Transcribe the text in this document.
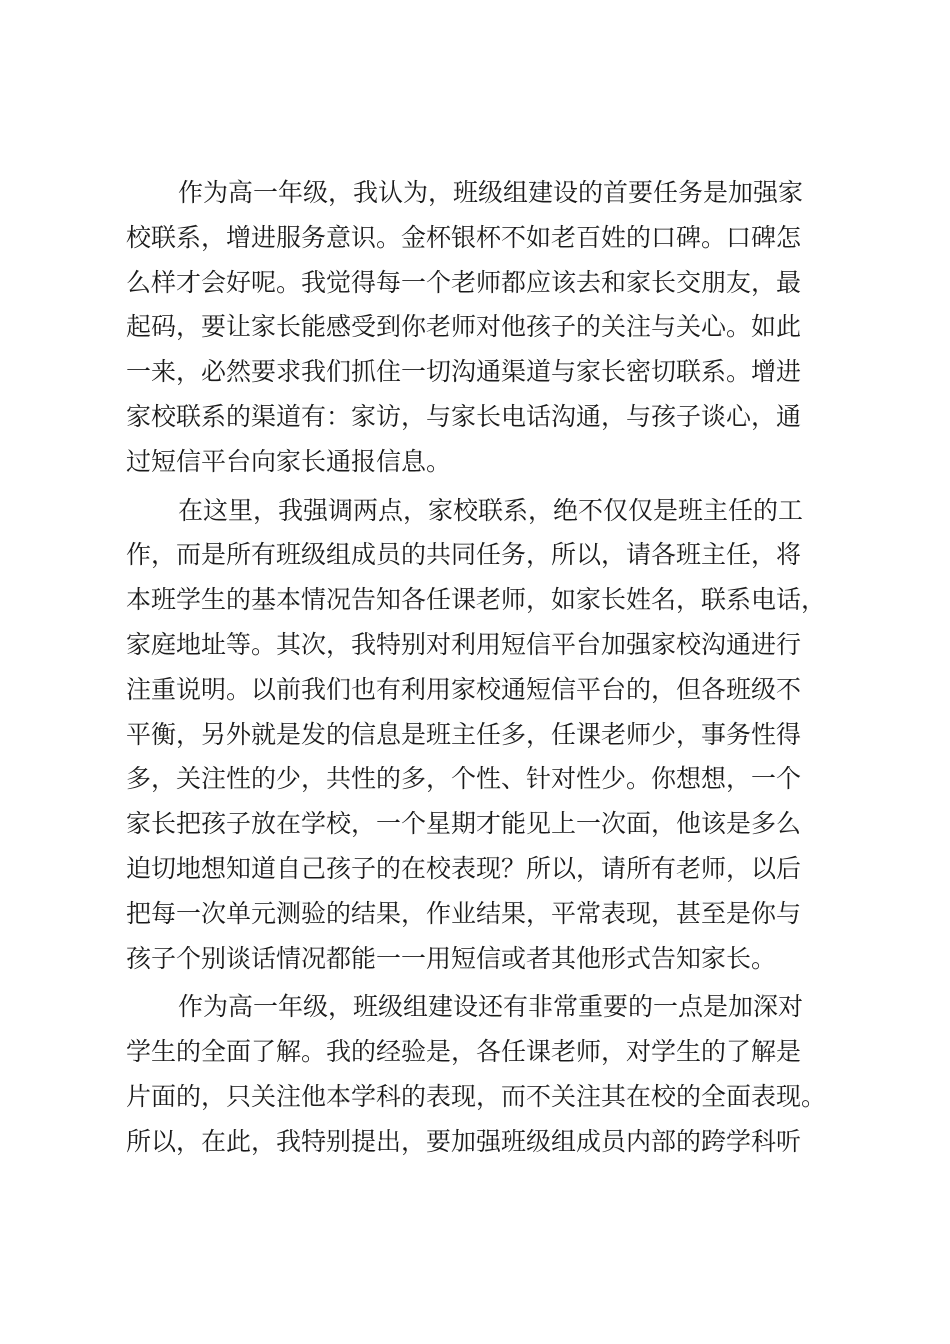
作为高一年级，我认为，班级组建设的首要任务是加强家
校联系，增进服务意识。金杯银杯不如老百姓的口碑。口碑怎
么样才会好呢。我觉得每一个老师都应该去和家长交朋友，最
起码，要让家长能感受到你老师对他孩子的关注与关心。如此
一来，必然要求我们抓住一切沟通渠道与家长密切联系。增进
家校联系的渠道有：家访，与家长电话沟通，与孩子谈心，通
过短信平台向家长通报信息。
在这里，我强调两点，家校联系，绝不仅仅是班主任的工
作，而是所有班级组成员的共同任务，所以，请各班主任，将
本班学生的基本情况告知各任课老师，如家长姓名，联系电话，
家庭地址等。其次，我特别对利用短信平台加强家校沟通进行
注重说明。以前我们也有利用家校通短信平台的，但各班级不
平衡，另外就是发的信息是班主任多，任课老师少，事务性得
多，关注性的少，共性的多，个性、针对性少。你想想，一个
家长把孩子放在学校，一个星期才能见上一次面，他该是多么
迫切地想知道自己孩子的在校表现？所以，请所有老师，以后
把每一次单元测验的结果，作业结果，平常表现，甚至是你与
孩子个别谈话情况都能一一用短信或者其他形式告知家长。
作为高一年级，班级组建设还有非常重要的一点是加深对
学生的全面了解。我的经验是，各任课老师，对学生的了解是
片面的，只关注他本学科的表现，而不关注其在校的全面表现。
所以，在此，我特别提出，要加强班级组成员内部的跨学科听
